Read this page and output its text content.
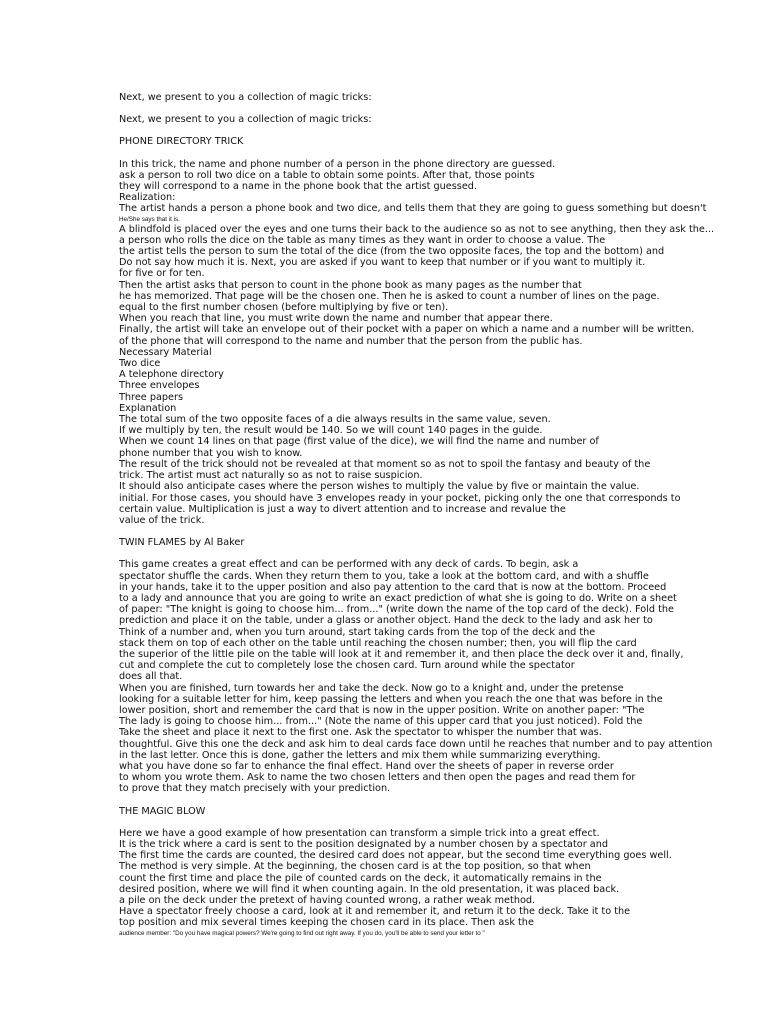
Next, we present to you a collection of magic tricks:
Next, we present to you a collection of magic tricks:
PHONE DIRECTORY TRICK
In this trick, the name and phone number of a person in the phone directory are guessed.
ask a person to roll two dice on a table to obtain some points. After that, those points
they will correspond to a name in the phone book that the artist guessed.
Realization:
The artist hands a person a phone book and two dice, and tells them that they are going to guess something but doesn't
He/She says that it is.
A blindfold is placed over the eyes and one turns their back to the audience so as not to see anything, then they ask the...
a person who rolls the dice on the table as many times as they want in order to choose a value. The
the artist tells the person to sum the total of the dice (from the two opposite faces, the top and the bottom) and
Do not say how much it is. Next, you are asked if you want to keep that number or if you want to multiply it.
for five or for ten.
Then the artist asks that person to count in the phone book as many pages as the number that
he has memorized. That page will be the chosen one. Then he is asked to count a number of lines on the page.
equal to the first number chosen (before multiplying by five or ten).
When you reach that line, you must write down the name and number that appear there.
Finally, the artist will take an envelope out of their pocket with a paper on which a name and a number will be written.
of the phone that will correspond to the name and number that the person from the public has.
Necessary Material
Two dice
A telephone directory
Three envelopes
Three papers
Explanation
The total sum of the two opposite faces of a die always results in the same value, seven.
If we multiply by ten, the result would be 140. So we will count 140 pages in the guide.
When we count 14 lines on that page (first value of the dice), we will find the name and number of
phone number that you wish to know.
The result of the trick should not be revealed at that moment so as not to spoil the fantasy and beauty of the
trick. The artist must act naturally so as not to raise suspicion.
It should also anticipate cases where the person wishes to multiply the value by five or maintain the value.
initial. For those cases, you should have 3 envelopes ready in your pocket, picking only the one that corresponds to
certain value. Multiplication is just a way to divert attention and to increase and revalue the
value of the trick.
TWIN FLAMES by Al Baker
This game creates a great effect and can be performed with any deck of cards. To begin, ask a
spectator shuffle the cards. When they return them to you, take a look at the bottom card, and with a shuffle
in your hands, take it to the upper position and also pay attention to the card that is now at the bottom. Proceed
to a lady and announce that you are going to write an exact prediction of what she is going to do. Write on a sheet
of paper: "The knight is going to choose him... from..." (write down the name of the top card of the deck). Fold the
prediction and place it on the table, under a glass or another object. Hand the deck to the lady and ask her to
Think of a number and, when you turn around, start taking cards from the top of the deck and the
stack them on top of each other on the table until reaching the chosen number; then, you will flip the card
the superior of the little pile on the table will look at it and remember it, and then place the deck over it and, finally,
cut and complete the cut to completely lose the chosen card. Turn around while the spectator
does all that.
When you are finished, turn towards her and take the deck. Now go to a knight and, under the pretense
looking for a suitable letter for him, keep passing the letters and when you reach the one that was before in the
lower position, short and remember the card that is now in the upper position. Write on another paper: "The
The lady is going to choose him... from..." (Note the name of this upper card that you just noticed). Fold the
Take the sheet and place it next to the first one. Ask the spectator to whisper the number that was.
thoughtful. Give this one the deck and ask him to deal cards face down until he reaches that number and to pay attention
in the last letter. Once this is done, gather the letters and mix them while summarizing everything.
what you have done so far to enhance the final effect. Hand over the sheets of paper in reverse order
to whom you wrote them. Ask to name the two chosen letters and then open the pages and read them for
to prove that they match precisely with your prediction.
THE MAGIC BLOW
Here we have a good example of how presentation can transform a simple trick into a great effect.
It is the trick where a card is sent to the position designated by a number chosen by a spectator and
The first time the cards are counted, the desired card does not appear, but the second time everything goes well.
The method is very simple. At the beginning, the chosen card is at the top position, so that when
count the first time and place the pile of counted cards on the deck, it automatically remains in the
desired position, where we will find it when counting again. In the old presentation, it was placed back.
a pile on the deck under the pretext of having counted wrong, a rather weak method.
Have a spectator freely choose a card, look at it and remember it, and return it to the deck. Take it to the
top position and mix several times keeping the chosen card in its place. Then ask the
audience member: "Do you have magical powers? We're going to find out right away. If you do, you'll be able to send your letter to "
